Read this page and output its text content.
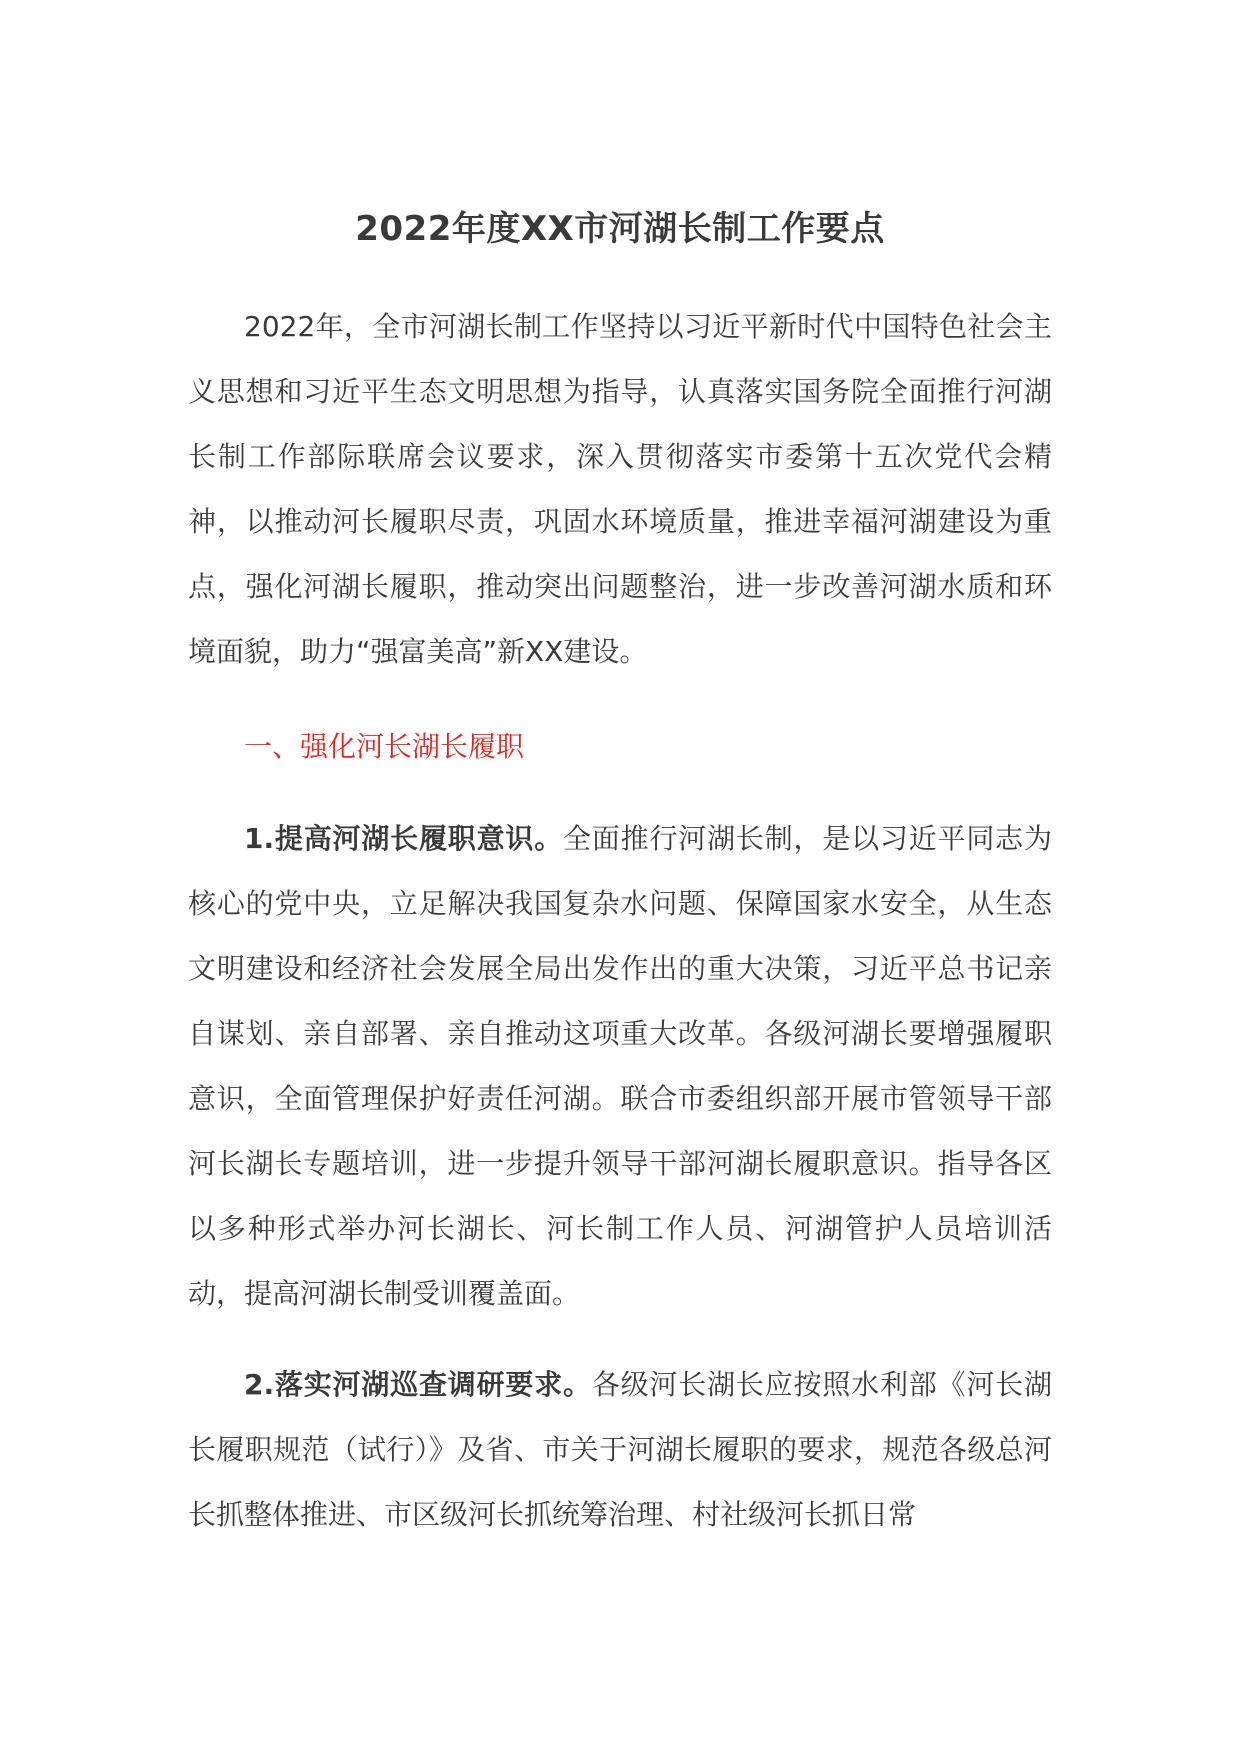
2022年度XX市河湖长制工作要点

2022年，全市河湖长制工作坚持以习近平新时代中国特色社会主义思想和习近平生态文明思想为指导，认真落实国务院全面推行河湖长制工作部际联席会议要求，深入贯彻落实市委第十五次党代会精神，以推动河长履职尽责，巩固水环境质量，推进幸福河湖建设为重点，强化河湖长履职，推动突出问题整治，进一步改善河湖水质和环境面貌，助力“强富美高”新XX建设。

一、强化河长湖长履职

1.提高河湖长履职意识。全面推行河湖长制，是以习近平同志为核心的党中央，立足解决我国复杂水问题、保障国家水安全，从生态文明建设和经济社会发展全局出发作出的重大决策，习近平总书记亲自谋划、亲自部署、亲自推动这项重大改革。各级河湖长要增强履职意识，全面管理保护好责任河湖。联合市委组织部开展市管领导干部河长湖长专题培训，进一步提升领导干部河湖长履职意识。指导各区以多种形式举办河长湖长、河长制工作人员、河湖管护人员培训活动，提高河湖长制受训覆盖面。

2.落实河湖巡查调研要求。各级河长湖长应按照水利部《河长湖长履职规范（试行）》及省、市关于河湖长履职的要求，规范各级总河长抓整体推进、市区级河长抓统筹治理、村社级河长抓日常
